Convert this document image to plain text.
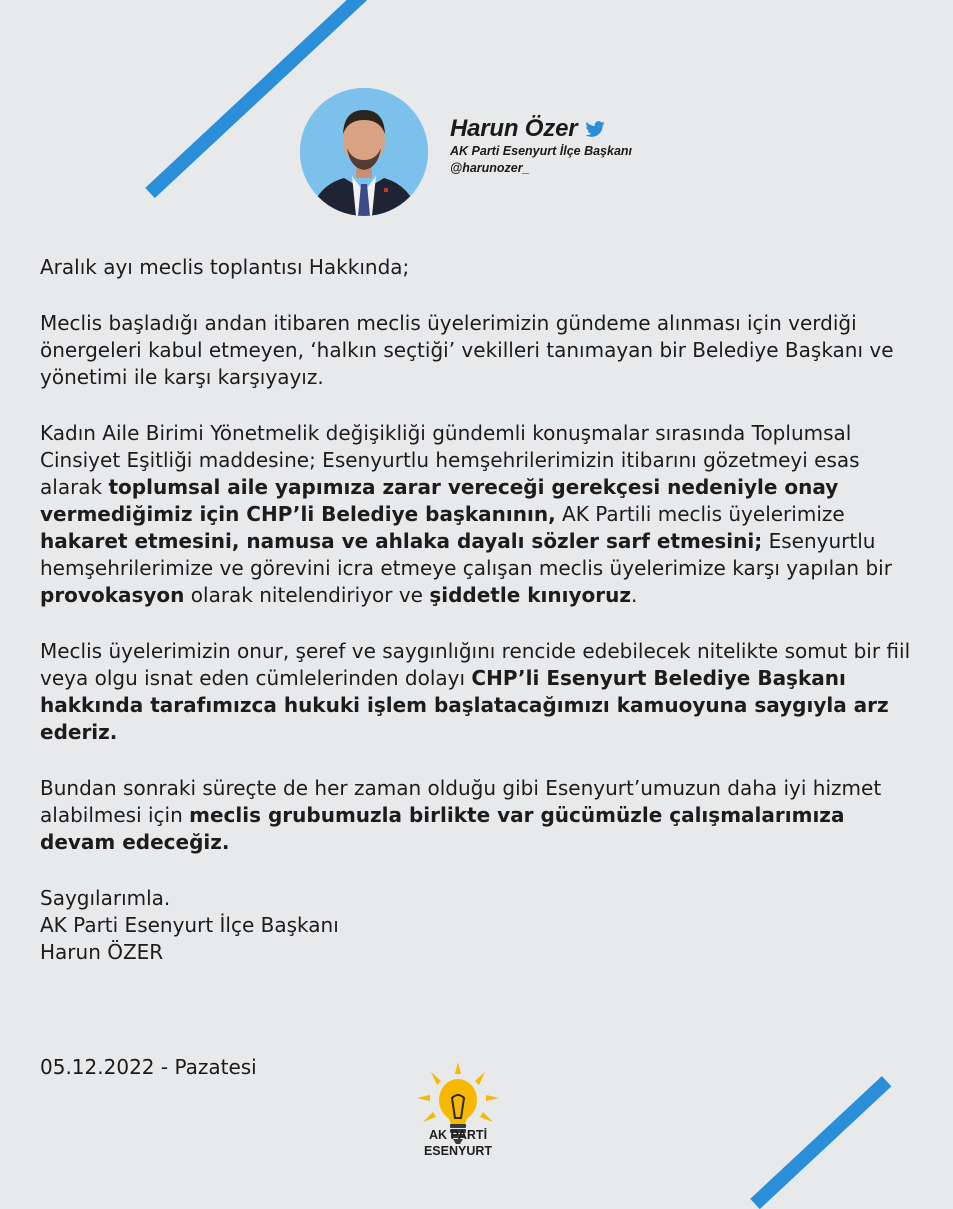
Harun Özer
AK Parti Esenyurt İlçe Başkanı
@harunozer_

Aralık ayı meclis toplantısı Hakkında;

Meclis başladığı andan itibaren meclis üyelerimizin gündeme alınması için verdiği önergeleri kabul etmeyen, ‘halkın seçtiği’ vekilleri tanımayan bir Belediye Başkanı ve yönetimi ile karşı karşıyayız.

Kadın Aile Birimi Yönetmelik değişikliği gündemli konuşmalar sırasında Toplumsal Cinsiyet Eşitliği maddesine; Esenyurtlu hemşehrilerimizin itibarını gözetmeyi esas alarak toplumsal aile yapımıza zarar vereceği gerekçesi nedeniyle onay vermediğimiz için CHP’li Belediye başkanının, AK Partili meclis üyelerimize hakaret etmesini, namusa ve ahlaka dayalı sözler sarf etmesini; Esenyurtlu hemşehrilerimize ve görevini icra etmeye çalışan meclis üyelerimize karşı yapılan bir provokasyon olarak nitelendiriyor ve şiddetle kınıyoruz.

Meclis üyelerimizin onur, şeref ve saygınlığını rencide edebilecek nitelikte somut bir fiil veya olgu isnat eden cümlelerinden dolayı CHP’li Esenyurt Belediye Başkanı hakkında tarafımızca hukuki işlem başlatacağımızı kamuoyuna saygıyla arz ederiz.

Bundan sonraki süreçte de her zaman olduğu gibi Esenyurt’umuzun daha iyi hizmet alabilmesi için meclis grubumuzla birlikte var gücümüzle çalışmalarımıza devam edeceğiz.

Saygılarımla.

AK Parti Esenyurt İlçe Başkanı

Harun ÖZER

05.12.2022 - Pazatesi
AK PARTİ
ESENYURT
